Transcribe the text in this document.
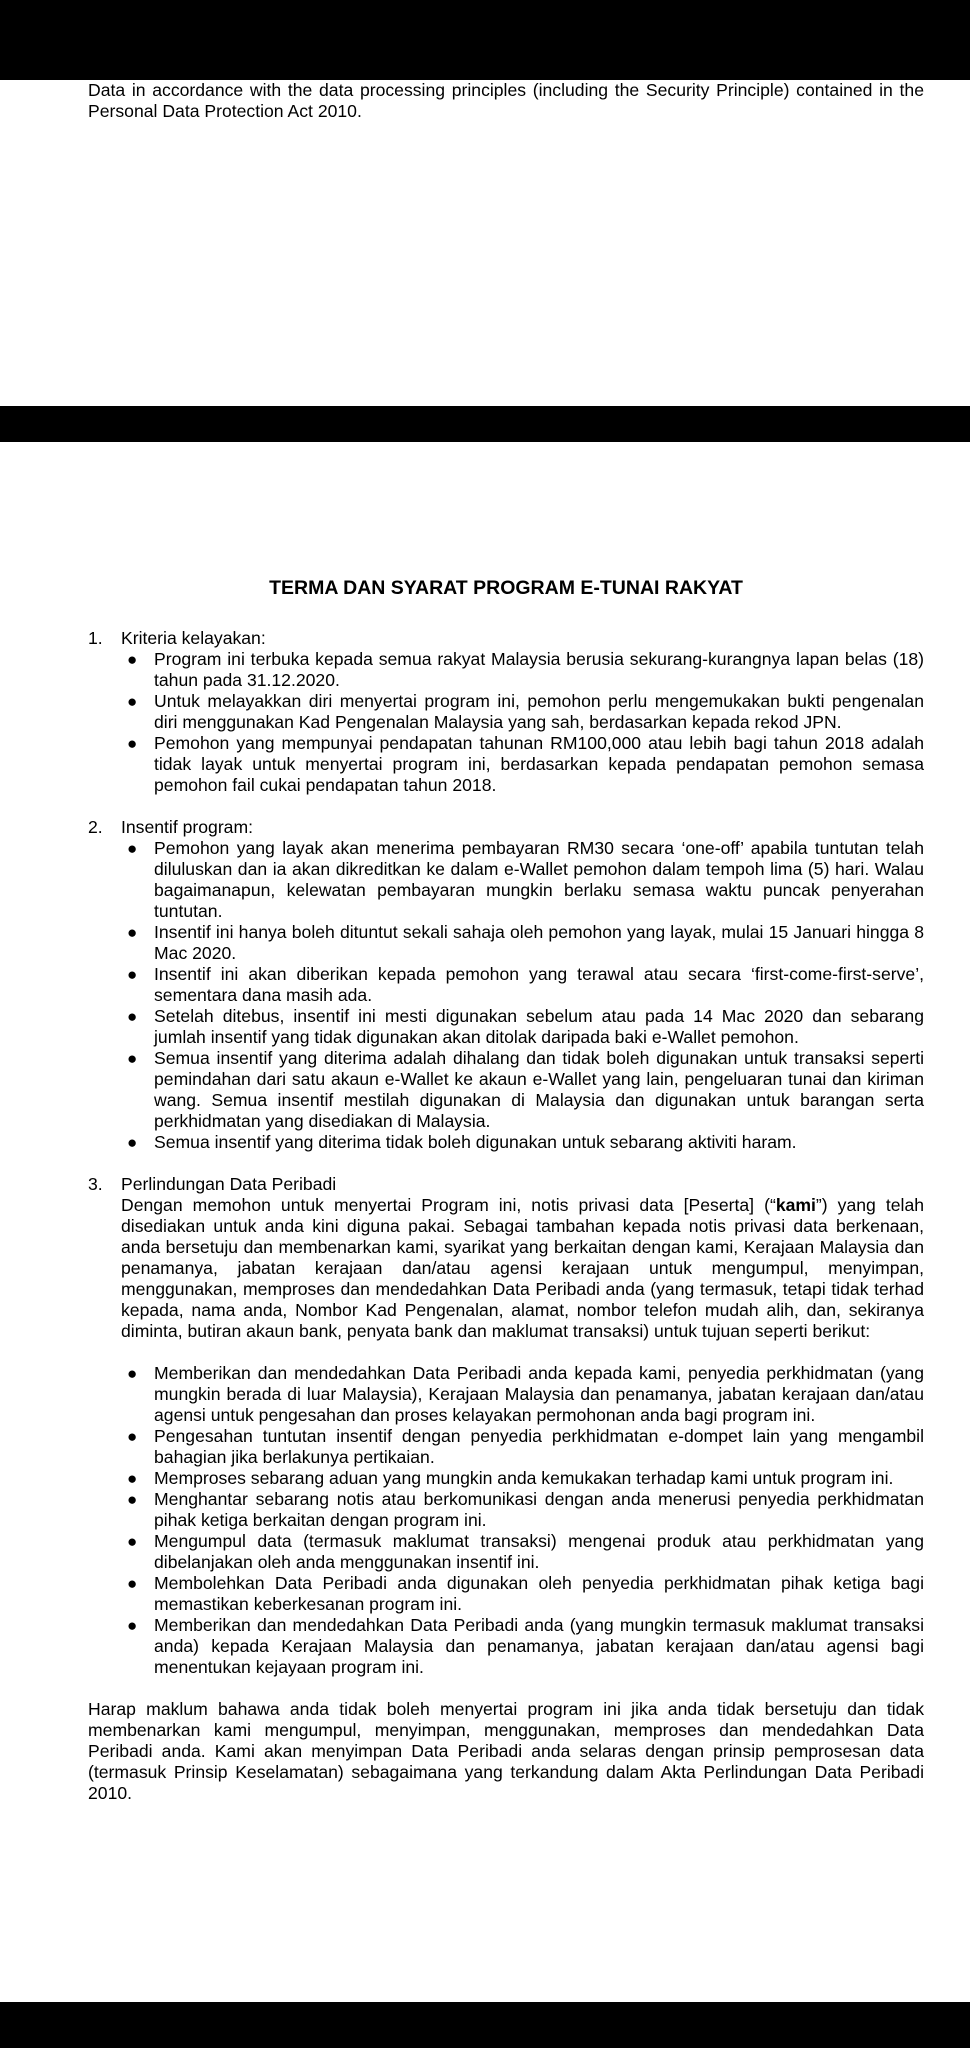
Data in accordance with the data processing principles (including the Security Principle) contained in the Personal Data Protection Act 2010.
TERMA DAN SYARAT PROGRAM E-TUNAI RAKYAT
1. Kriteria kelayakan:
● Program ini terbuka kepada semua rakyat Malaysia berusia sekurang-kurangnya lapan belas (18) tahun pada 31.12.2020.
● Untuk melayakkan diri menyertai program ini, pemohon perlu mengemukakan bukti pengenalan diri menggunakan Kad Pengenalan Malaysia yang sah, berdasarkan kepada rekod JPN.
● Pemohon yang mempunyai pendapatan tahunan RM100,000 atau lebih bagi tahun 2018 adalah tidak layak untuk menyertai program ini, berdasarkan kepada pendapatan pemohon semasa pemohon fail cukai pendapatan tahun 2018.
2. Insentif program:
● Pemohon yang layak akan menerima pembayaran RM30 secara ‘one-off’ apabila tuntutan telah diluluskan dan ia akan dikreditkan ke dalam e-Wallet pemohon dalam tempoh lima (5) hari. Walau bagaimanapun, kelewatan pembayaran mungkin berlaku semasa waktu puncak penyerahan tuntutan.
● Insentif ini hanya boleh dituntut sekali sahaja oleh pemohon yang layak, mulai 15 Januari hingga 8 Mac 2020.
● Insentif ini akan diberikan kepada pemohon yang terawal atau secara ‘first-come-first-serve’, sementara dana masih ada.
● Setelah ditebus, insentif ini mesti digunakan sebelum atau pada 14 Mac 2020 dan sebarang jumlah insentif yang tidak digunakan akan ditolak daripada baki e-Wallet pemohon.
● Semua insentif yang diterima adalah dihalang dan tidak boleh digunakan untuk transaksi seperti pemindahan dari satu akaun e-Wallet ke akaun e-Wallet yang lain, pengeluaran tunai dan kiriman wang. Semua insentif mestilah digunakan di Malaysia dan digunakan untuk barangan serta perkhidmatan yang disediakan di Malaysia.
● Semua insentif yang diterima tidak boleh digunakan untuk sebarang aktiviti haram.
3. Perlindungan Data Peribadi
Dengan memohon untuk menyertai Program ini, notis privasi data [Peserta] (“kami”) yang telah disediakan untuk anda kini diguna pakai. Sebagai tambahan kepada notis privasi data berkenaan, anda bersetuju dan membenarkan kami, syarikat yang berkaitan dengan kami, Kerajaan Malaysia dan penamanya, jabatan kerajaan dan/atau agensi kerajaan untuk mengumpul, menyimpan, menggunakan, memproses dan mendedahkan Data Peribadi anda (yang termasuk, tetapi tidak terhad kepada, nama anda, Nombor Kad Pengenalan, alamat, nombor telefon mudah alih, dan, sekiranya diminta, butiran akaun bank, penyata bank dan maklumat transaksi) untuk tujuan seperti berikut:
● Memberikan dan mendedahkan Data Peribadi anda kepada kami, penyedia perkhidmatan (yang mungkin berada di luar Malaysia), Kerajaan Malaysia dan penamanya, jabatan kerajaan dan/atau agensi untuk pengesahan dan proses kelayakan permohonan anda bagi program ini.
● Pengesahan tuntutan insentif dengan penyedia perkhidmatan e-dompet lain yang mengambil bahagian jika berlakunya pertikaian.
● Memproses sebarang aduan yang mungkin anda kemukakan terhadap kami untuk program ini.
● Menghantar sebarang notis atau berkomunikasi dengan anda menerusi penyedia perkhidmatan pihak ketiga berkaitan dengan program ini.
● Mengumpul data (termasuk maklumat transaksi) mengenai produk atau perkhidmatan yang dibelanjakan oleh anda menggunakan insentif ini.
● Membolehkan Data Peribadi anda digunakan oleh penyedia perkhidmatan pihak ketiga bagi memastikan keberkesanan program ini.
● Memberikan dan mendedahkan Data Peribadi anda (yang mungkin termasuk maklumat transaksi anda) kepada Kerajaan Malaysia dan penamanya, jabatan kerajaan dan/atau agensi bagi menentukan kejayaan program ini.
Harap maklum bahawa anda tidak boleh menyertai program ini jika anda tidak bersetuju dan tidak membenarkan kami mengumpul, menyimpan, menggunakan, memproses dan mendedahkan Data Peribadi anda. Kami akan menyimpan Data Peribadi anda selaras dengan prinsip pemprosesan data (termasuk Prinsip Keselamatan) sebagaimana yang terkandung dalam Akta Perlindungan Data Peribadi 2010.
